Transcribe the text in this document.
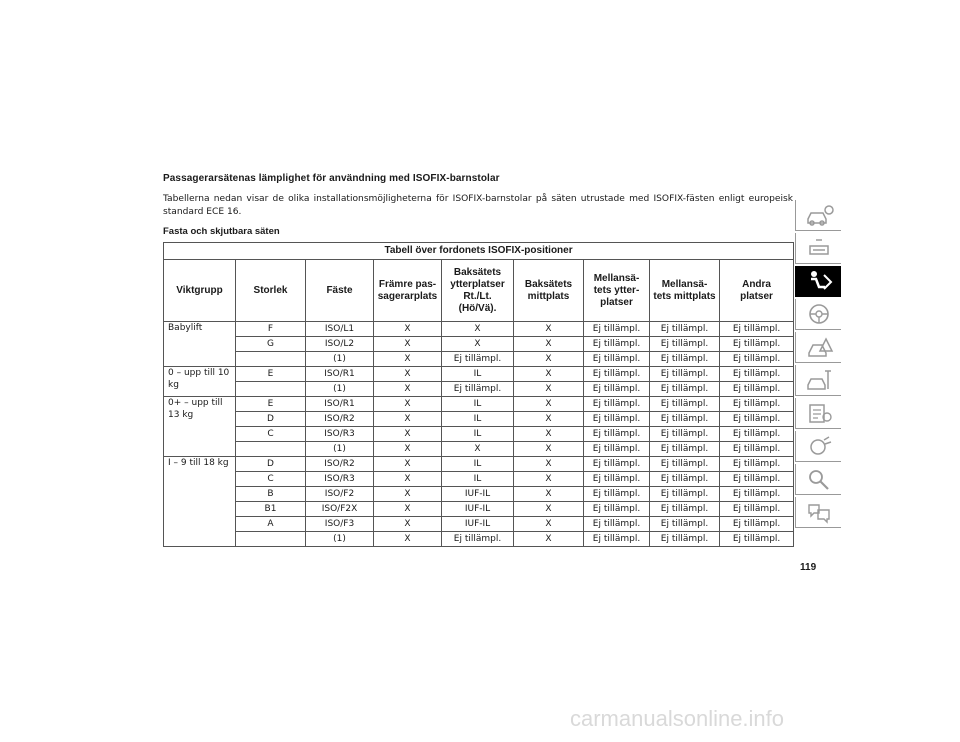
Passagerarsätenas lämplighet för användning med ISOFIX-barnstolar
Tabellerna nedan visar de olika installationsmöjligheterna för ISOFIX-barnstolar på säten utrustade med ISOFIX-fästen enligt europeisk standard ECE 16.
Fasta och skjutbara säten
Tabell över fordonets ISOFIX-positioner								
Viktgrupp	Storlek	Fäste	Främre pas-
sagerarplats	Baksätets
ytterplatser
Rt./Lt.
(Hö/Vä).	Baksätets
mittplats	Mellansä-
tets ytter-
platser	Mellansä-
tets mittplats	Andra
platser
Babylift	F	ISO/L1	X	X	X	Ej tillämpl.	Ej tillämpl.	Ej tillämpl.
	G	ISO/L2	X	X	X	Ej tillämpl.	Ej tillämpl.	Ej tillämpl.
		(1)	X	Ej tillämpl.	X	Ej tillämpl.	Ej tillämpl.	Ej tillämpl.
0 – upp till 10 kg	E	ISO/R1	X	IL	X	Ej tillämpl.	Ej tillämpl.	Ej tillämpl.
		(1)	X	Ej tillämpl.	X	Ej tillämpl.	Ej tillämpl.	Ej tillämpl.
0+ – upp till 13 kg	E	ISO/R1	X	IL	X	Ej tillämpl.	Ej tillämpl.	Ej tillämpl.
	D	ISO/R2	X	IL	X	Ej tillämpl.	Ej tillämpl.	Ej tillämpl.
	C	ISO/R3	X	IL	X	Ej tillämpl.	Ej tillämpl.	Ej tillämpl.
		(1)	X	X	X	Ej tillämpl.	Ej tillämpl.	Ej tillämpl.
I – 9 till 18 kg	D	ISO/R2	X	IL	X	Ej tillämpl.	Ej tillämpl.	Ej tillämpl.
	C	ISO/R3	X	IL	X	Ej tillämpl.	Ej tillämpl.	Ej tillämpl.
	B	ISO/F2	X	IUF-IL	X	Ej tillämpl.	Ej tillämpl.	Ej tillämpl.
	B1	ISO/F2X	X	IUF-IL	X	Ej tillämpl.	Ej tillämpl.	Ej tillämpl.
	A	ISO/F3	X	IUF-IL	X	Ej tillämpl.	Ej tillämpl.	Ej tillämpl.
		(1)	X	Ej tillämpl.	X	Ej tillämpl.	Ej tillämpl.	Ej tillämpl.
119
carmanualsonline.info
